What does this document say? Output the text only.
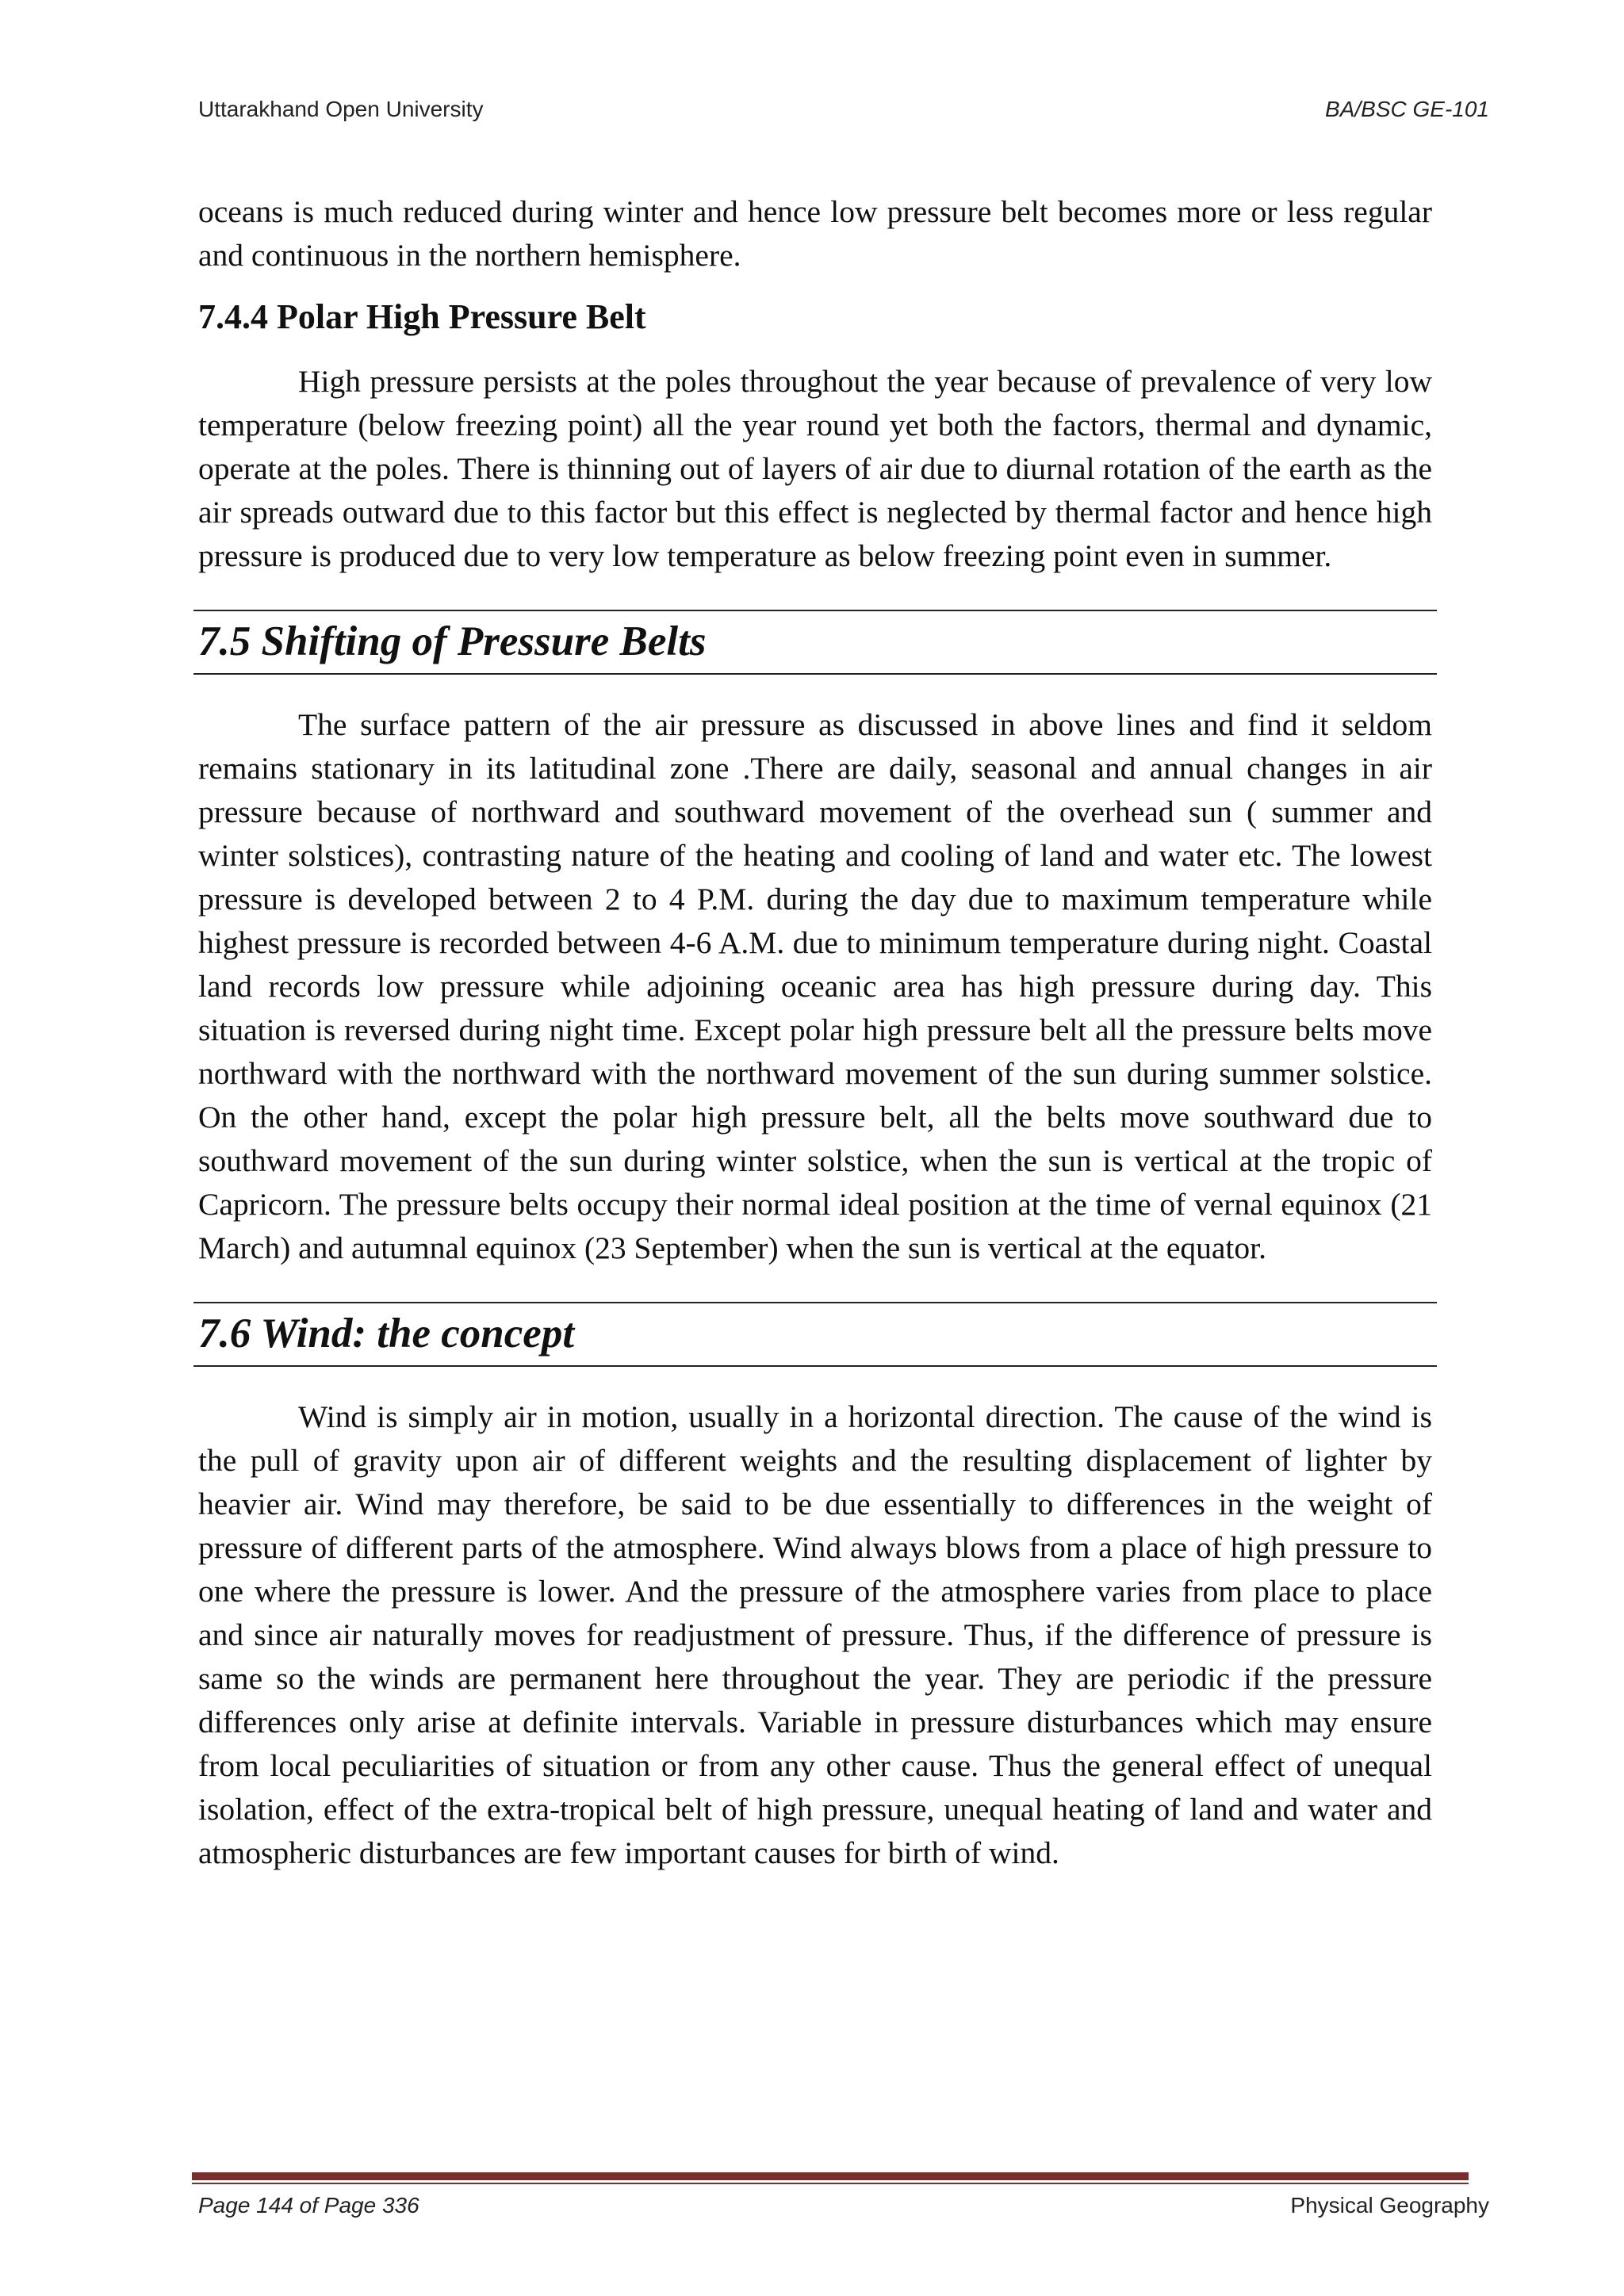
Uttarakhand Open University	BA/BSC GE-101

oceans is much reduced during winter and hence low pressure belt becomes more or less regular and continuous in the northern hemisphere.

7.4.4 Polar High Pressure Belt

High pressure persists at the poles throughout the year because of prevalence of very low temperature (below freezing point) all the year round yet both the factors, thermal and dynamic, operate at the poles. There is thinning out of layers of air due to diurnal rotation of the earth as the air spreads outward due to this factor but this effect is neglected by thermal factor and hence high pressure is produced due to very low temperature as below freezing point even in summer.

7.5 Shifting of Pressure Belts

The surface pattern of the air pressure as discussed in above lines and find it seldom remains stationary in its latitudinal zone .There are daily, seasonal and annual changes in air pressure because of northward and southward movement of the overhead sun ( summer and winter solstices), contrasting nature of the heating and cooling of land and water etc. The lowest pressure is developed between 2 to 4 P.M. during the day due to maximum temperature while highest pressure is recorded between 4-6 A.M. due to minimum temperature during night. Coastal land records low pressure while adjoining oceanic area has high pressure during day. This situation is reversed during night time. Except polar high pressure belt all the pressure belts move northward with the northward with the northward movement of the sun during summer solstice. On the other hand, except the polar high pressure belt, all the belts move southward due to southward movement of the sun during winter solstice, when the sun is vertical at the tropic of Capricorn. The pressure belts occupy their normal ideal position at the time of vernal equinox (21 March) and autumnal equinox (23 September) when the sun is vertical at the equator.

7.6 Wind: the concept

Wind is simply air in motion, usually in a horizontal direction. The cause of the wind is the pull of gravity upon air of different weights and the resulting displacement of lighter by heavier air. Wind may therefore, be said to be due essentially to differences in the weight of pressure of different parts of the atmosphere. Wind always blows from a place of high pressure to one where the pressure is lower. And the pressure of the atmosphere varies from place to place and since air naturally moves for readjustment of pressure. Thus, if the difference of pressure is same so the winds are permanent here throughout the year. They are periodic if the pressure differences only arise at definite intervals. Variable in pressure disturbances which may ensure from local peculiarities of situation or from any other cause. Thus the general effect of unequal isolation, effect of the extra-tropical belt of high pressure, unequal heating of land and water and atmospheric disturbances are few important causes for birth of wind.

Page 144 of Page 336	Physical Geography
